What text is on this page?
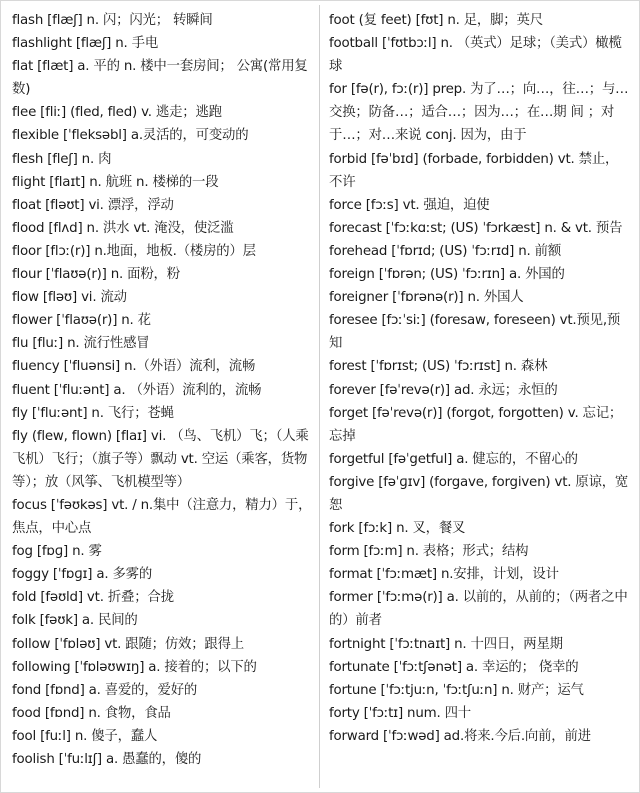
flash [flæʃ] n. 闪；闪光； 转瞬间

flashlight [flæʃ] n. 手电

flat [flæt] a. 平的 n. 楼中一套房间； 公寓(常用复数)

flee [fliː] (fled, fled) v. 逃走；逃跑

flexible [ˈfleksəbl] a.灵活的，可变动的

flesh [fleʃ] n. 肉

flight [flaɪt] n. 航班 n. 楼梯的一段

float [fləʊt] vi. 漂浮，浮动

flood [flʌd] n. 洪水 vt. 淹没，使泛滥

floor [flɔː(r)] n.地面，地板.（楼房的）层

flour [ˈflaʊə(r)] n. 面粉，粉

flow [fləʊ] vi. 流动

flower [ˈflaʊə(r)] n. 花

flu [fluː] n. 流行性感冒

fluency [ˈfluənsi] n.（外语）流利，流畅

fluent [ˈfluːənt] a. （外语）流利的，流畅

fly [ˈfluːənt] n. 飞行；苍蝇

fly (flew, flown) [flaɪ] vi. （鸟、飞机）飞；（人乘飞机）飞行；（旗子等）飘动 vt. 空运（乘客，货物等）；放（风筝、飞机模型等）

focus [ˈfəʊkəs] vt. / n.集中（注意力，精力）于，焦点，中心点

fog [fɒɡ] n. 雾

foggy [ˈfɒɡɪ] a. 多雾的

fold [fəʊld] vt. 折叠；合拢

folk [fəʊk] a. 民间的

follow [ˈfɒləʊ] vt. 跟随；仿效；跟得上

following [ˈfɒləʊwɪŋ] a. 接着的；以下的

fond [fɒnd] a. 喜爱的，爱好的

food [fɒnd] n. 食物，食品

fool [fuːl] n. 傻子，蠢人

foolish [ˈfuːlɪʃ] a. 愚蠢的，傻的

foot (复 feet) [fʊt] n. 足，脚；英尺

football [ˈfʊtbɔːl] n. （英式）足球；（美式）橄榄球

for [fə(r), fɔː(r)] prep. 为了…；向…，往…；与…交换；防备…；适合…；因为…；在…期 间 ；对于…；对…来说 conj. 因为，由于

forbid [fəˈbɪd] (forbade, forbidden) vt. 禁止，不许

force [fɔːs] vt. 强迫，迫使

forecast [ˈfɔːkɑːst; (US) ˈfɔrkæst] n. & vt. 预告

forehead [ˈfɒrɪd; (US) ˈfɔːrɪd] n. 前额

foreign [ˈfɒrən; (US) ˈfɔːrɪn] a. 外国的

foreigner [ˈfɒrənə(r)] n. 外国人

foresee [fɔːˈsiː] (foresaw, foreseen) vt.预见,预知

forest [ˈfɒrɪst; (US) ˈfɔːrɪst] n. 森林

forever [fəˈrevə(r)] ad. 永远；永恒的

forget [fəˈrevə(r)] (forgot, forgotten) v. 忘记；忘掉

forgetful [fəˈgetful] a. 健忘的，不留心的

forgive [fəˈɡɪv] (forgave, forgiven) vt. 原谅，宽恕

fork [fɔːk] n. 叉，餐叉

form [fɔːm] n. 表格；形式；结构

format [ˈfɔːmæt] n.安排，计划，设计

former [ˈfɔːmə(r)] a. 以前的，从前的；（两者之中的）前者

fortnight [ˈfɔːtnaɪt] n. 十四日，两星期

fortunate [ˈfɔːtʃənət] a. 幸运的； 侥幸的

fortune [ˈfɔːtjuːn, ˈfɔːtʃuːn] n. 财产；运气

forty [ˈfɔːtɪ] num. 四十

forward [ˈfɔːwəd] ad.将来.今后.向前，前进
